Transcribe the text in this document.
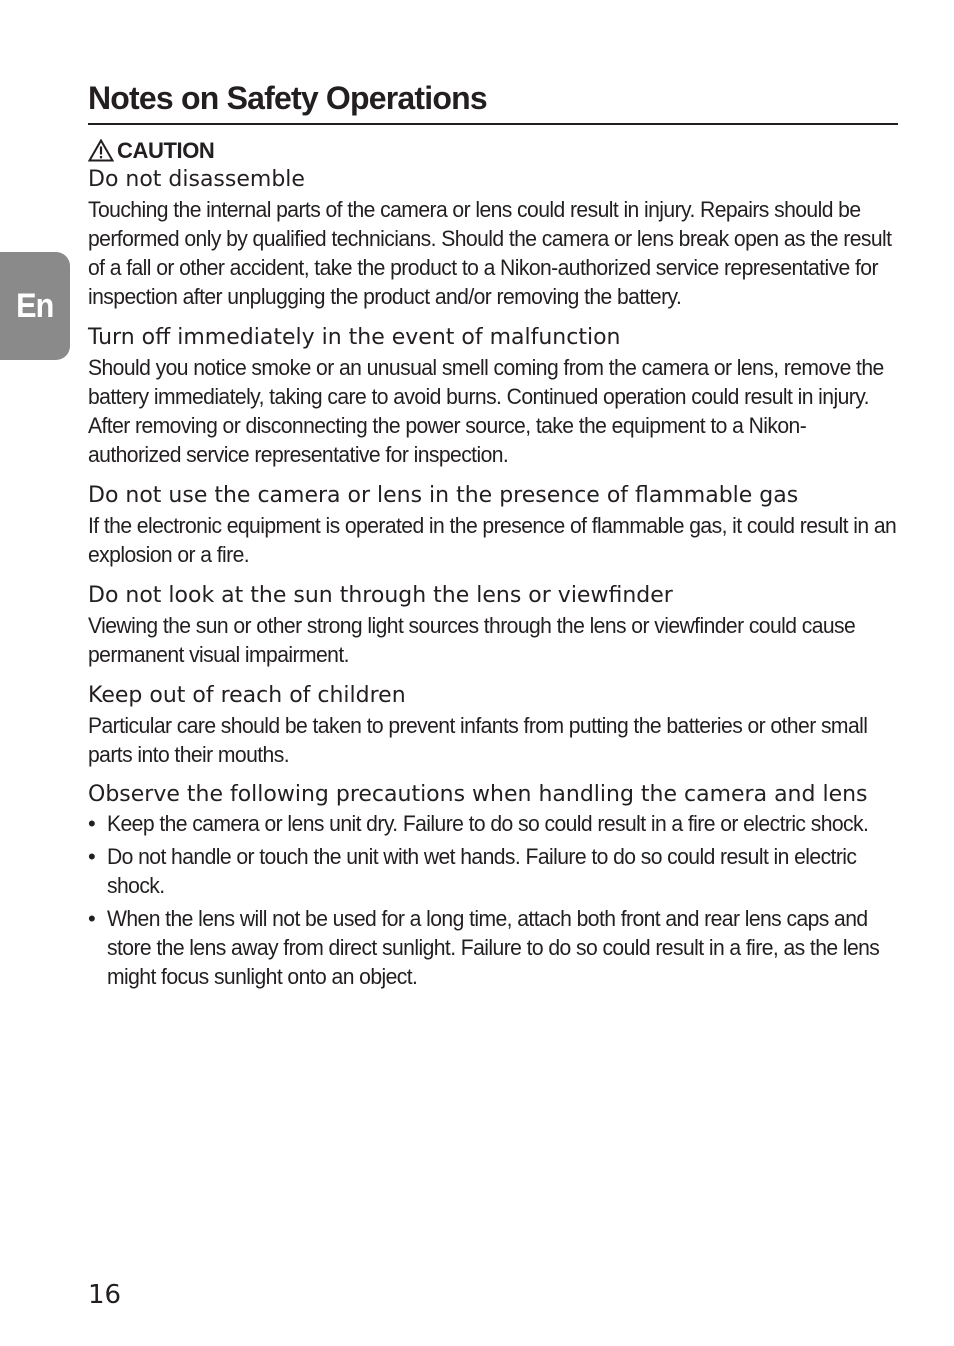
En
Notes on Safety Operations
CAUTION
Do not disassemble

Touching the internal parts of the camera or lens could result in injury. Repairs should be performed only by qualified technicians. Should the camera or lens break open as the result of a fall or other accident, take the product to a Nikon-authorized service representative for inspection after unplugging the product and/or removing the battery.

Turn off immediately in the event of malfunction

Should you notice smoke or an unusual smell coming from the camera or lens, remove the battery immediately, taking care to avoid burns. Continued operation could result in injury. After removing or disconnecting the power source, take the equipment to a Nikon-authorized service representative for inspection.

Do not use the camera or lens in the presence of flammable gas

If the electronic equipment is operated in the presence of flammable gas, it could result in an explosion or a fire.

Do not look at the sun through the lens or viewfinder

Viewing the sun or other strong light sources through the lens or viewfinder could cause permanent visual impairment.

Keep out of reach of children

Particular care should be taken to prevent infants from putting the batteries or other small parts into their mouths.

Observe the following precautions when handling the camera and lens
• Keep the camera or lens unit dry. Failure to do so could result in a fire or electric shock.
• Do not handle or touch the unit with wet hands. Failure to do so could result in electric shock.
• When the lens will not be used for a long time, attach both front and rear lens caps and store the lens away from direct sunlight. Failure to do so could result in a fire, as the lens might focus sunlight onto an object.

16
